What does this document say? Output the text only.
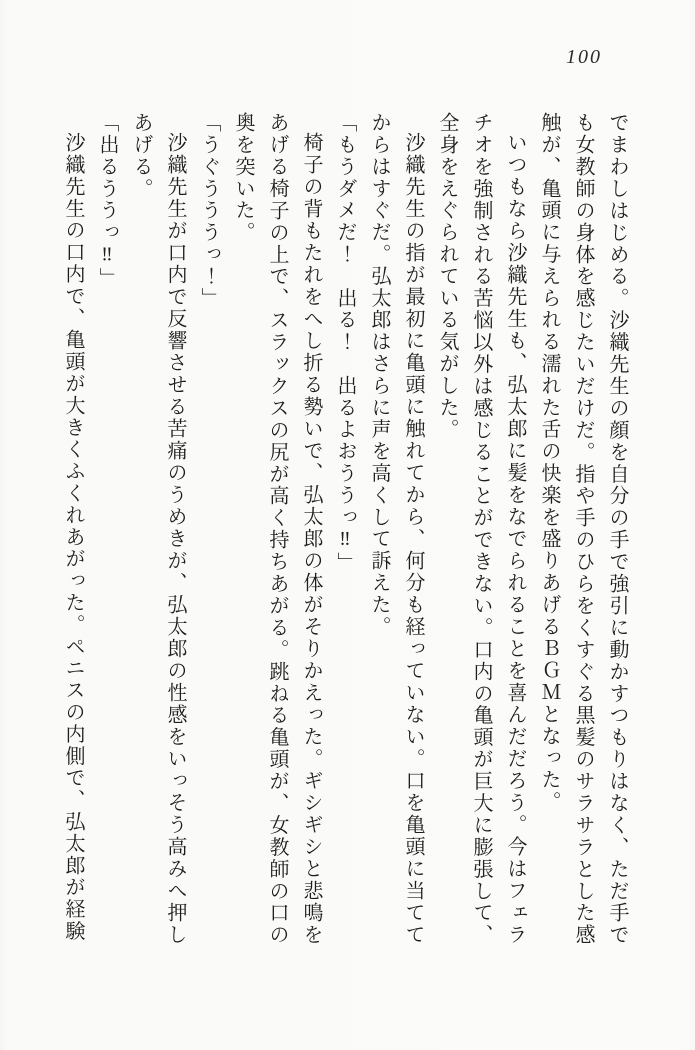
100

でまわしはじめる。沙織先生の顔を自分の手で強引に動かすつもりはなく、ただ手でも女教師の身体を感じたいだけだ。指や手のひらをくすぐる黒髪のサラサラとした感触が、亀頭に与えられる濡れた舌の快楽を盛りあげるＢＧＭとなった。

いつもなら沙織先生も、弘太郎に髪をなでられることを喜んだだろう。今はフェラチオを強制される苦悩以外は感じることができない。口内の亀頭が巨大に膨張して、全身をえぐられている気がした。

沙織先生の指が最初に亀頭に触れてから、何分も経っていない。口を亀頭に当ててからはすぐだ。弘太郎はさらに声を高くして訴えた。

「もうダメだ！　出る！　出るよおううっ‼」

椅子の背もたれをへし折る勢いで、弘太郎の体がそりかえった。ギシギシと悲鳴をあげる椅子の上で、スラックスの尻が高く持ちあがる。跳ねる亀頭が、女教師の口の奥を突いた。

「うぐうううっ！」

沙織先生が口内で反響させる苦痛のうめきが、弘太郎の性感をいっそう高みへ押しあげる。

「出るううっ‼」

沙織先生の口内で、亀頭が大きくふくれあがった。ペニスの内側で、弘太郎が経験
